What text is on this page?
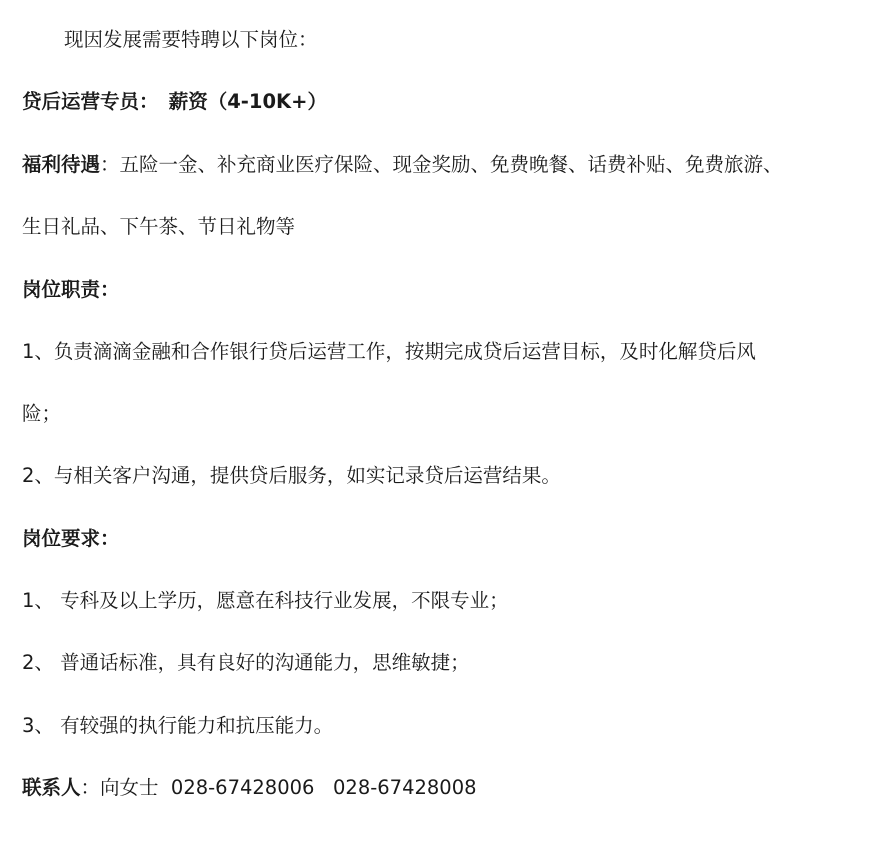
现因发展需要特聘以下岗位：
贷后运营专员： 薪资（4-10K+）
福利待遇：五险一金、补充商业医疗保险、现金奖励、免费晚餐、话费补贴、免费旅游、
生日礼品、下午茶、节日礼物等
岗位职责：
1、负责滴滴金融和合作银行贷后运营工作，按期完成贷后运营目标，及时化解贷后风
险；
2、与相关客户沟通，提供贷后服务，如实记录贷后运营结果。
岗位要求：
1、 专科及以上学历，愿意在科技行业发展，不限专业；
2、 普通话标准，具有良好的沟通能力，思维敏捷；
3、 有较强的执行能力和抗压能力。
联系人：向女士  028-67428006   028-67428008
